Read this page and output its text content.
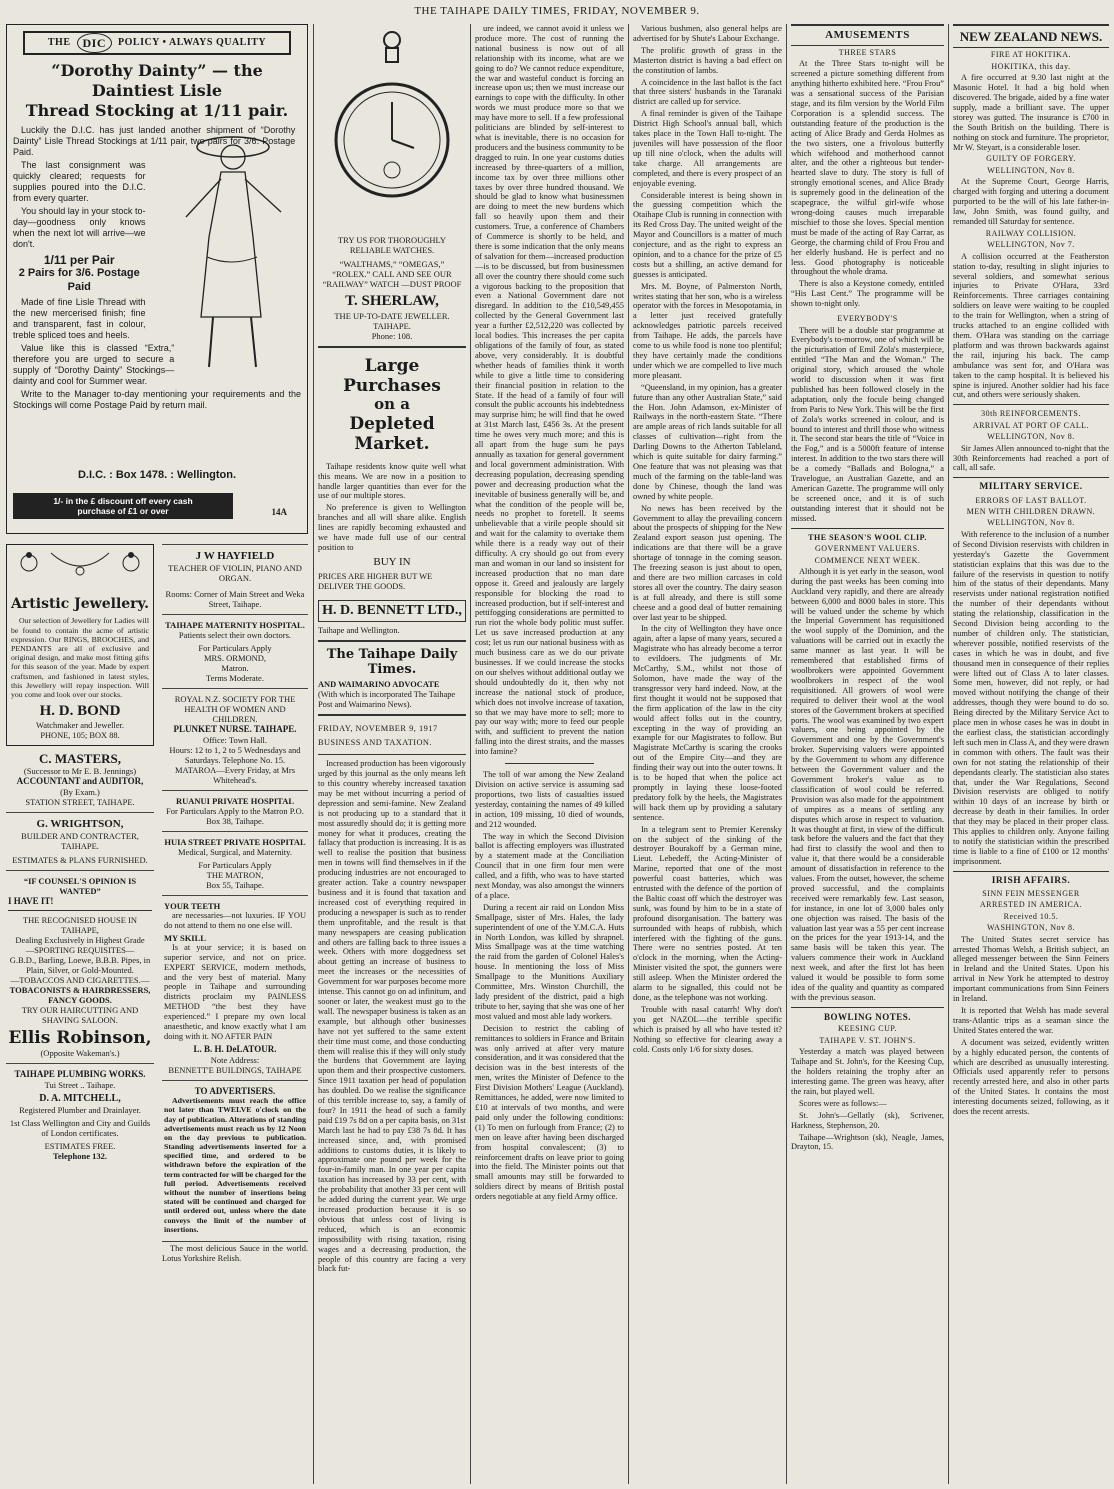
THE TAIHAPE DAILY TIMES, FRIDAY, NOVEMBER 9.
THE	DIC	POLICY • ALWAYS QUALITY
“Dorothy Dainty” — the Daintiest Lisle
Thread Stocking at 1/11 pair.

Luckily the D.I.C. has just landed another shipment of “Dorothy Dainty” Lisle Thread Stockings at 1/11 pair, two pairs for 3/6. Postage Paid.

The last consignment was quickly cleared; requests for supplies poured into the D.I.C. from every quarter.

You should lay in your stock to-day—goodness only knows when the next lot will arrive—we don't.

1/11 per Pair
2 Pairs for 3/6. Postage Paid

Made of fine Lisle Thread with the new mercerised finish; fine and transparent, fast in colour, treble spliced toes and heels.

Value like this is classed “Extra,” therefore you are urged to secure a supply of “Dorothy Dainty” Stockings—dainty and cool for Summer wear.

Write to the Manager to-day mentioning your requirements and the Stockings will come Postage Paid by return mail.

D.I.C. : Box 1478. : Wellington.
1/- in the £ discount off every cash
purchase of £1 or over	14A
Artistic Jewellery.

Our selection of Jewellery for Ladies will be found to contain the acme of artistic expression. Our RINGS, BROOCHES, and PENDANTS are all of exclusive and original design, and make most fitting gifts for this season of the year. Made by expert craftsmen, and fashioned in latest styles, this Jewellery will repay inspection. Will you come and look over our stocks.

H. D. BOND
Watchmaker and Jeweller.
PHONE, 105; BOX 88.
C. MASTERS,
(Successor to Mr E. B. Jennings)
ACCOUNTANT and AUDITOR,
(By Exam.)
STATION STREET, TAIHAPE.
G. WRIGHTSON,
BUILDER AND CONTRACTER,
TAIHAPE.
ESTIMATES & PLANS FURNISHED.
“IF COUNSEL'S OPINION IS WANTED”
I HAVE IT!
THE RECOGNISED HOUSE IN TAIHAPE,
Dealing Exclusively in Highest Grade
—SPORTING REQUISITES—
G.B.D., Barling, Loewe, B.B.B. Pipes, in Plain, Silver, or Gold-Mounted.
—TOBACCOS AND CIGARETTES.—
TOBACONISTS & HAIRDRESSERS, FANCY GOODS.
TRY OUR HAIRCUTTING AND SHAVING SALOON.
Ellis Robinson,
(Opposite Wakeman's.)
TAIHAPE PLUMBING WORKS.
Tui Street .. Taihape.
D. A. MITCHELL,
Registered Plumber and Drainlayer.
1st Class Wellington and City and Guilds of London certificates.
ESTIMATES FREE.
Telephone 132.
J W HAYFIELD
TEACHER OF VIOLIN, PIANO AND ORGAN.
Rooms: Corner of Main Street and Weka Street, Taihape.
TAIHAPE MATERNITY HOSPITAL.
Patients select their own doctors.
For Particulars Apply
MRS. ORMOND,
Matron.
Terms Moderate.
ROYAL N.Z. SOCIETY FOR THE HEALTH OF WOMEN AND CHILDREN.
PLUNKET NURSE. TAIHAPE.
Office: Town Hall.
Hours: 12 to 1, 2 to 5 Wednesdays and Saturdays. Telephone No. 15.
MATAROA—Every Friday, at Mrs Whitehead's.
RUANUI PRIVATE HOSPITAL
For Particulars Apply to the Matron P.O. Box 38, Taihape.
HUIA STREET PRIVATE HOSPITAL
Medical, Surgical, and Maternity.
For Particulars Apply
THE MATRON,
Box 55, Taihape.
YOUR TEETH

are necessaries—not luxuries. IF YOU do not attend to them no one else will.

MY SKILL

Is at your service; it is based on superior service, and not on price. EXPERT SERVICE, modern methods, and the very best of material. Many people in Taihape and surrounding districts proclaim my PAINLESS METHOD “the best they have experienced.” I prepare my own local anaesthetic, and know exactly what I am doing with it. NO AFTER PAIN

L. B. H. DeLATOUR.
Note Address:
BENNETT'E BUILDINGS, TAIHAPE
TO ADVERTISERS.

Advertisements must reach the office not later than TWELVE o'clock on the day of publication. Alterations of standing advertisements must reach us by 12 Noon on the day previous to publication. Standing advertisements inserted for a specified time, and ordered to be withdrawn before the expiration of the term contracted for will be charged for the full period. Advertisements received without the number of insertions being stated will be continued and charged for until ordered out, unless where the date conveys the limit of the number of insertions.

The most delicious Sauce in the world. Lotus Yorkshire Relish.

TRY US FOR THOROUGHLY RELIABLE WATCHES.
“WALTHAMS,” “OMEGAS,” “ROLEX.” CALL AND SEE OUR “RAILWAY” WATCH —DUST PROOF
T. SHERLAW,
THE UP-TO-DATE JEWELLER.
TAIHAPE.
Phone: 108.
Large Purchases
on a
Depleted Market.

Taihape residents know quite well what this means. We are now in a position to handle larger quantities than ever for the use of our multiple stores.

No preference is given to Wellington branches and all will share alike. English lines are rapidly becoming exhausted and we have made full use of our central position to

BUY IN
PRICES ARE HIGHER BUT WE DELIVER THE GOODS.
H. D. BENNETT LTD.,
Taihape and Wellington.
The Taihape Daily Times.
AND WAIMARINO ADVOCATE
(With which is incorporated The Taihape Post and Waimarino News).
FRIDAY, NOVEMBER 9, 1917
BUSINESS AND TAXATION.

Increased production has been vigorously urged by this journal as the only means left to this country whereby increased taxation may be met without incurring a period of depression and semi-famine. New Zealand is not producing up to a standard that it most assuredly should do; it is getting more money for what it produces, creating the fallacy that production is increasing. It is as well to realise the position that business men in towns will find themselves in if the producing industries are not encouraged to greater action. Take a country newspaper business and it is found that taxation and increased cost of everything required in producing a newspaper is such as to render them unprofitable, and the result is that many newspapers are ceasing publication and others are falling back to three issues a week. Others with more doggedness set about getting an increase of business to meet the increases or the necessities of Government for war purposes become more intense. This cannot go on ad infinitum, and sooner or later, the weakest must go to the wall. The newspaper business is taken as an example, but although other businesses have not yet suffered to the same extent their time must come, and those conducting them will realise this if they will only study the burdens that Government are laying upon them and their prospective customers. Since 1911 taxation per head of population has doubled. Do we realise the significance of this terrible increase to, say, a family of four? In 1911 the head of such a family paid £19 7s 8d on a per capita basis, on 31st March last he had to pay £38 7s 8d. It has increased since, and, with promised additions to customs duties, it is likely to approximate one pound per week for the four-in-family man. In one year per capita taxation has increased by 33 per cent, with the probability that another 33 per cent will be added during the current year. We urge increased production because it is so obvious that unless cost of living is reduced, which is an economic impossibility with rising taxation, rising wages and a decreasing production, the people of this country are facing a very black fut-

ure indeed, we cannot avoid it unless we produce more. The cost of running the national business is now out of all relationship with its income, what are we going to do? We cannot reduce expenditure, the war and wasteful conduct is forcing an increase upon us; then we must increase our earnings to cope with the difficulty. In other words we must produce more so that we may have more to sell. If a few professional politicians are blinded by self-interest to what is inevitable, there is no occasion for producers and the business community to be dragged to ruin. In one year customs duties increased by three-quarters of a million, income tax by over three millions other taxes by over three hundred thousand. We should be glad to know what businessmen are doing to meet the new burdens which fall so heavily upon them and their customers. True, a conference of Chambers of Commerce is shortly to be held, and there is some indication that the only means of salvation for them—increased production—is to be discussed, but from businessmen all over the country there should come such a vigorous backing to the proposition that even a National Government dare not disregard. In addition to the £10,549,455 collected by the General Government last year a further £2,512,220 was collected by local bodies. This increases the per capita obligations of the family of four, as stated above, very considerably. It is doubtful whether heads of families think it worth while to give a little time to considering their financial position in relation to the State. If the head of a family of four will consult the public accounts his indebtedness may surprise him; he will find that he owed at 31st March last, £456 3s. At the present time he owes very much more; and this is all apart from the huge sum he pays annually as taxation for general government and local government administration. With decreasing population, decreasing spending power and decreasing production what the inevitable of business generally will be, and what the condition of the people will be, needs no prophet to foretell. It seems unbelievable that a virile people should sit and wait for the calamity to overtake them while there is a ready way out of their difficulty. A cry should go out from every man and woman in our land so insistent for increased production that no man dare oppose it. Greed and jealously are largely responsible for blocking the road to increased production, but if self-interest and pettifogging considerations are permitted to run riot the whole body politic must suffer. Let us save increased production at any cost; let us run our national business with as much business care as we do our private businesses. If we could increase the stocks on our shelves without additional outlay we should undoubtedly do it, then why not increase the national stock of produce, which does not involve increase of taxation, so that we may have more to sell; more to pay our way with; more to feed our people with, and sufficient to prevent the nation falling into the direst straits, and the masses into famine?

The toll of war among the New Zealand Division on active service is assuming sad proportions, two lists of casualties issued yesterday, containing the names of 49 killed in action, 109 missing, 10 died of wounds, and 212 wounded.

The way in which the Second Division ballot is affecting employers was illustrated by a statement made at the Conciliation Council that in one firm four men were called, and a fifth, who was to have started next Monday, was also amongst the winners of a place.

During a recent air raid on London Miss Smallpage, sister of Mrs. Hales, the lady superintendent of one of the Y.M.C.A. Huts in North London, was killed by shrapnel. Miss Smallpage was at the time watching the raid from the garden of Colonel Hales's house. In mentioning the loss of Miss Smallpage to the Munitions Auxiliary Committee, Mrs. Winston Churchill, the lady president of the district, paid a high tribute to her, saying that she was one of her most valued and most able lady workers.

Decision to restrict the cabling of remittances to soldiers in France and Britain was only arrived at after very mature consideration, and it was considered that the decision was in the best interests of the men, writes the Minister of Defence to the First Division Mothers' League (Auckland). Remittances, he added, were now limited to £10 at intervals of two months, and were paid only under the following conditions: (1) To men on furlough from France; (2) to men on leave after having been discharged from hospital convalescent; (3) to reinforcement drafts on leave prior to going into the field. The Minister points out that small amounts may still be forwarded to soldiers direct by means of British postal orders negotiable at any field Army office.

Various bushmen, also general helps are advertised for by Shute's Labour Exchange.

The prolific growth of grass in the Masterton district is having a bad effect on the constitution of lambs.

A coincidence in the last ballot is the fact that three sisters' husbands in the Taranaki district are called up for service.

A final reminder is given of the Taihape District High School's annual ball, which takes place in the Town Hall to-night. The juveniles will have possession of the floor up till nine o'clock, when the adults will take charge. All arrangements are completed, and there is every prospect of an enjoyable evening.

Considerable interest is being shown in the guessing competition which the Otaihape Club is running in connection with its Red Cross Day. The united weight of the Mayor and Councillors is a matter of much conjecture, and as the right to express an opinion, and to a chance for the prize of £5 costs but a shilling, an active demand for guesses is anticipated.

Mrs. M. Boyne, of Palmerston North, writes stating that her son, who is a wireless operator with the forces in Mesopotamia, in a letter just received gratefully acknowledges patriotic parcels received from Taihape. He adds, the parcels have come to us while food is none too plentiful; they have certainly made the conditions under which we are compelled to live much more pleasant.

“Queensland, in my opinion, has a greater future than any other Australian State,” said the Hon. John Adamson, ex-Minister of Railways in the north-eastern State. “There are ample areas of rich lands suitable for all classes of cultivation—right from the Darling Downs to the Atherton Tableland, which is quite suitable for dairy farming.” One feature that was not pleasing was that much of the farming on the table-land was done by Chinese, though the land was owned by white people.

No news has been received by the Government to allay the prevailing concern about the prospects of shipping for the New Zealand export season just opening. The indications are that there will be a grave shortage of tonnage in the coming season. The freezing season is just about to open, and there are two million carcases in cold stores all over the country. The dairy season is at full already, and there is still some cheese and a good deal of butter remaining over last year to be shipped.

In the city of Wellington they have once again, after a lapse of many years, secured a Magistrate who has already become a terror to evildoers. The judgments of Mr. McCarthy, S.M., whilst not those of Solomon, have made the way of the transgressor very hard indeed. Now, at the first thought it would not be supposed that the firm application of the law in the city would affect folks out in the country, excepting in the way of providing an example for our Magistrates to follow. But Magistrate McCarthy is scaring the crooks out of the Empire City—and they are finding their way out into the outer towns. It is to be hoped that when the police act promptly in laying these loose-footed predatory folk by the heels, the Magistrates will back them up by providing a salutary sentence.

In a telegram sent to Premier Kerensky on the subject of the sinking of the destroyer Bourakoff by a German mine, Lieut. Lebedeff, the Acting-Minister of Marine, reported that one of the most powerful coast batteries, which was entrusted with the defence of the portion of the Baltic coast off which the destroyer was sunk, was found by him to be in a state of profound disorganisation. The battery was surrounded with heaps of rubbish, which interfered with the fighting of the guns. There were no sentries posted. At ten o'clock in the morning, when the Acting-Minister visited the spot, the gunners were still asleep. When the Minister ordered the alarm to be signalled, this could not be done, as the telephone was not working.

Trouble with nasal catarrh! Why don't you get NAZOL—the terrible specific which is praised by all who have tested it? Nothing so effective for clearing away a cold. Costs only 1/6 for sixty doses.

AMUSEMENTS
THREE STARS

At the Three Stars to-night will be screened a picture something different from anything hitherto exhibited here. “Frou Frou” was a sensational success of the Parisian stage, and its film version by the World Film Corporation is a splendid success. The outstanding feature of the production is the acting of Alice Brady and Gerda Holmes as the two sisters, one a frivolous butterfly which wifehood and motherhood cannot alter, and the other a righteous but tender-hearted slave to duty. The story is full of strongly emotional scenes, and Alice Brady is supremely good in the delineation of the scapegrace, the wilful girl-wife whose wrong-doing causes much irreparable mischief to those she loves. Special mention must be made of the acting of Ray Carrar, as George, the charming child of Frou Frou and her elderly husband. He is perfect and no less. Good photography is noticeable throughout the whole drama.

There is also a Keystone comedy, entitled “His Last Cent.” The programme will be shown to-night only.

EVERYBODY'S

There will be a double star programme at Everybody's to-morrow, one of which will be the picturisation of Emil Zola's masterpiece, entitled “The Man and the Woman.” The original story, which aroused the whole world to discussion when it was first published has been followed closely in the adaptation, only the focule being changed from Paris to New York. This will be the first of Zola's works screened in colour, and is bound to interest and thrill those who witness it. The second star bears the title of “Voice in the Fog,” and is a 5000ft feature of intense interest. In addition to the two stars there will be a comedy “Ballads and Bologna,” a Travelogue, an Australian Gazette, and an American Gazette. The programme will only be screened once, and it is of such outstanding interest that it should not be missed.

THE SEASON'S WOOL CLIP.
GOVERNMENT VALUERS.
COMMENCE NEXT WEEK.

Although it is yet early in the season, wool during the past weeks has been coming into Auckland very rapidly, and there are already between 6,000 and 8000 bales in store. This will be valued under the scheme by which the Imperial Government has requisitioned the wool supply of the Dominion, and the valuations will be carried out in exactly the same manner as last year. It will be remembered that established firms of woolbrokers were appointed Government woolbrokers in respect of the wool requisitioned. All growers of wool were required to deliver their wool at the wool stores of the Government brokers at specified ports. The wool was examined by two expert valuers, one being appointed by the Government and one by the Government's broker. Supervising valuers were appointed by the Government to whom any difference between the Government valuer and the Government broker's value as to classification of wool could be referred. Provision was also made for the appointment of umpires as a means of settling any disputes which arose in respect to valuation. It was thought at first, in view of the difficult task before the valuers and the fact that they had first to classify the wool and then to value it, that there would be a considerable amount of dissatisfaction in reference to the values. From the outset, however, the scheme proved successful, and the complaints received were remarkably few. Last season, for instance, in one lot of 3,000 bales only one objection was raised. The basis of the valuation last year was a 55 per cent increase on the prices for the year 1913-14, and the same basis will be taken this year. The valuers commence their work in Auckland next week, and after the first lot has been valued it would be possible to form some idea of the quality and quantity as compared with the previous season.

BOWLING NOTES.
KEESING CUP.
TAIHAPE V. ST. JOHN'S.

Yesterday a match was played between Taihape and St. John's, for the Keesing Cup, the holders retaining the trophy after an interesting game. The green was heavy, after the rain, but played well.

Scores were as follows:—

St. John's—Gellatly (sk), Scrivener, Harkness, Stephenson, 20.

Taihape—Wrightson (sk), Neagle, James, Drayton, 15.

NEW ZEALAND NEWS.
FIRE AT HOKITIKA.
HOKITIKA, this day.

A fire occurred at 9.30 last night at the Masonic Hotel. It had a big hold when discovered. The brigade, aided by a fine water supply, made a brilliant save. The upper storey was gutted. The insurance is £700 in the South British on the building. There is nothing on stock and furniture. The proprietor, Mr W. Steyart, is a considerable loser.

GUILTY OF FORGERY.
WELLINGTON, Nov 8.

At the Supreme Court, George Harris, charged with forging and uttering a document purported to be the will of his late father-in-law, John Smith, was found guilty, and remanded till Saturday for sentence.

RAILWAY COLLISION.
WELLINGTON, Nov 7.

A collision occurred at the Featherston station to-day, resulting in slight injuries to several soldiers, and somewhat serious injuries to Private O'Hara, 33rd Reinforcements. Three carriages containing soldiers on leave were waiting to be coupled to the train for Wellington, when a string of trucks attached to an engine collided with them. O'Hara was standing on the carriage platform and was thrown backwards against the rail, injuring his back. The camp ambulance was sent for, and O'Hara was taken to the camp hospital. It is believed his spine is injured. Another soldier had his face cut, and others were seriously shaken.

30th REINFORCEMENTS.
ARRIVAL AT PORT OF CALL.
WELLINGTON, Nov 8.

Sir James Allen announced to-night that the 30th Reinforcements had reached a port of call, all safe.

MILITARY SERVICE.
ERRORS OF LAST BALLOT.
MEN WITH CHILDREN DRAWN.
WELLINGTON, Nov 8.

With reference to the inclusion of a number of Second Division reservists with children in yesterday's Gazette the Government statistician explains that this was due to the failure of the reservists in question to notify him of the status of their dependants. Many reservists under national registration notified the number of their dependants without stating the relationship, classification in the Second Division being according to the number of children only. The statistician, wherever possible, notified reservists of the cases in which he was in doubt, and five thousand men in consequence of their replies were lifted out of Class A to later classes. Some men, however, did not reply, or had moved without notifying the change of their addresses, though they were bound to do so. Being directed by the Military Service Act to place men in whose cases he was in doubt in the earliest class, the statistician accordingly left such men in Class A, and they were drawn in common with others. The fault was their own for not stating the relationship of their dependants clearly. The statistician also states that, under the War Regulations, Second Division reservists are obliged to notify within 10 days of an increase by birth or decrease by death in their families. In order that they may be placed in their proper class. This applies to children only. Anyone failing to notify the statistician within the prescribed time is liable to a fine of £100 or 12 months' imprisonment.

IRISH AFFAIRS.
SINN FEIN MESSENGER
ARRESTED IN AMERICA.
Received 10.5.
WASHINGTON, Nov 8.

The United States secret service has arrested Thomas Welsh, a British subject, an alleged messenger between the Sinn Feiners in Ireland and the United States. Upon his arrival in New York he attempted to destroy important communications from Sinn Feiners in Ireland.

It is reported that Welsh has made several trans-Atlantic trips as a seaman since the United States entered the war.

A document was seized, evidently written by a highly educated person, the contents of which are described as unusually interesting. Officials used apparently refer to persons recently arrested here, and also in other parts of the United States. It contains the most interesting documents seized, following, as it does the recent arrests.
